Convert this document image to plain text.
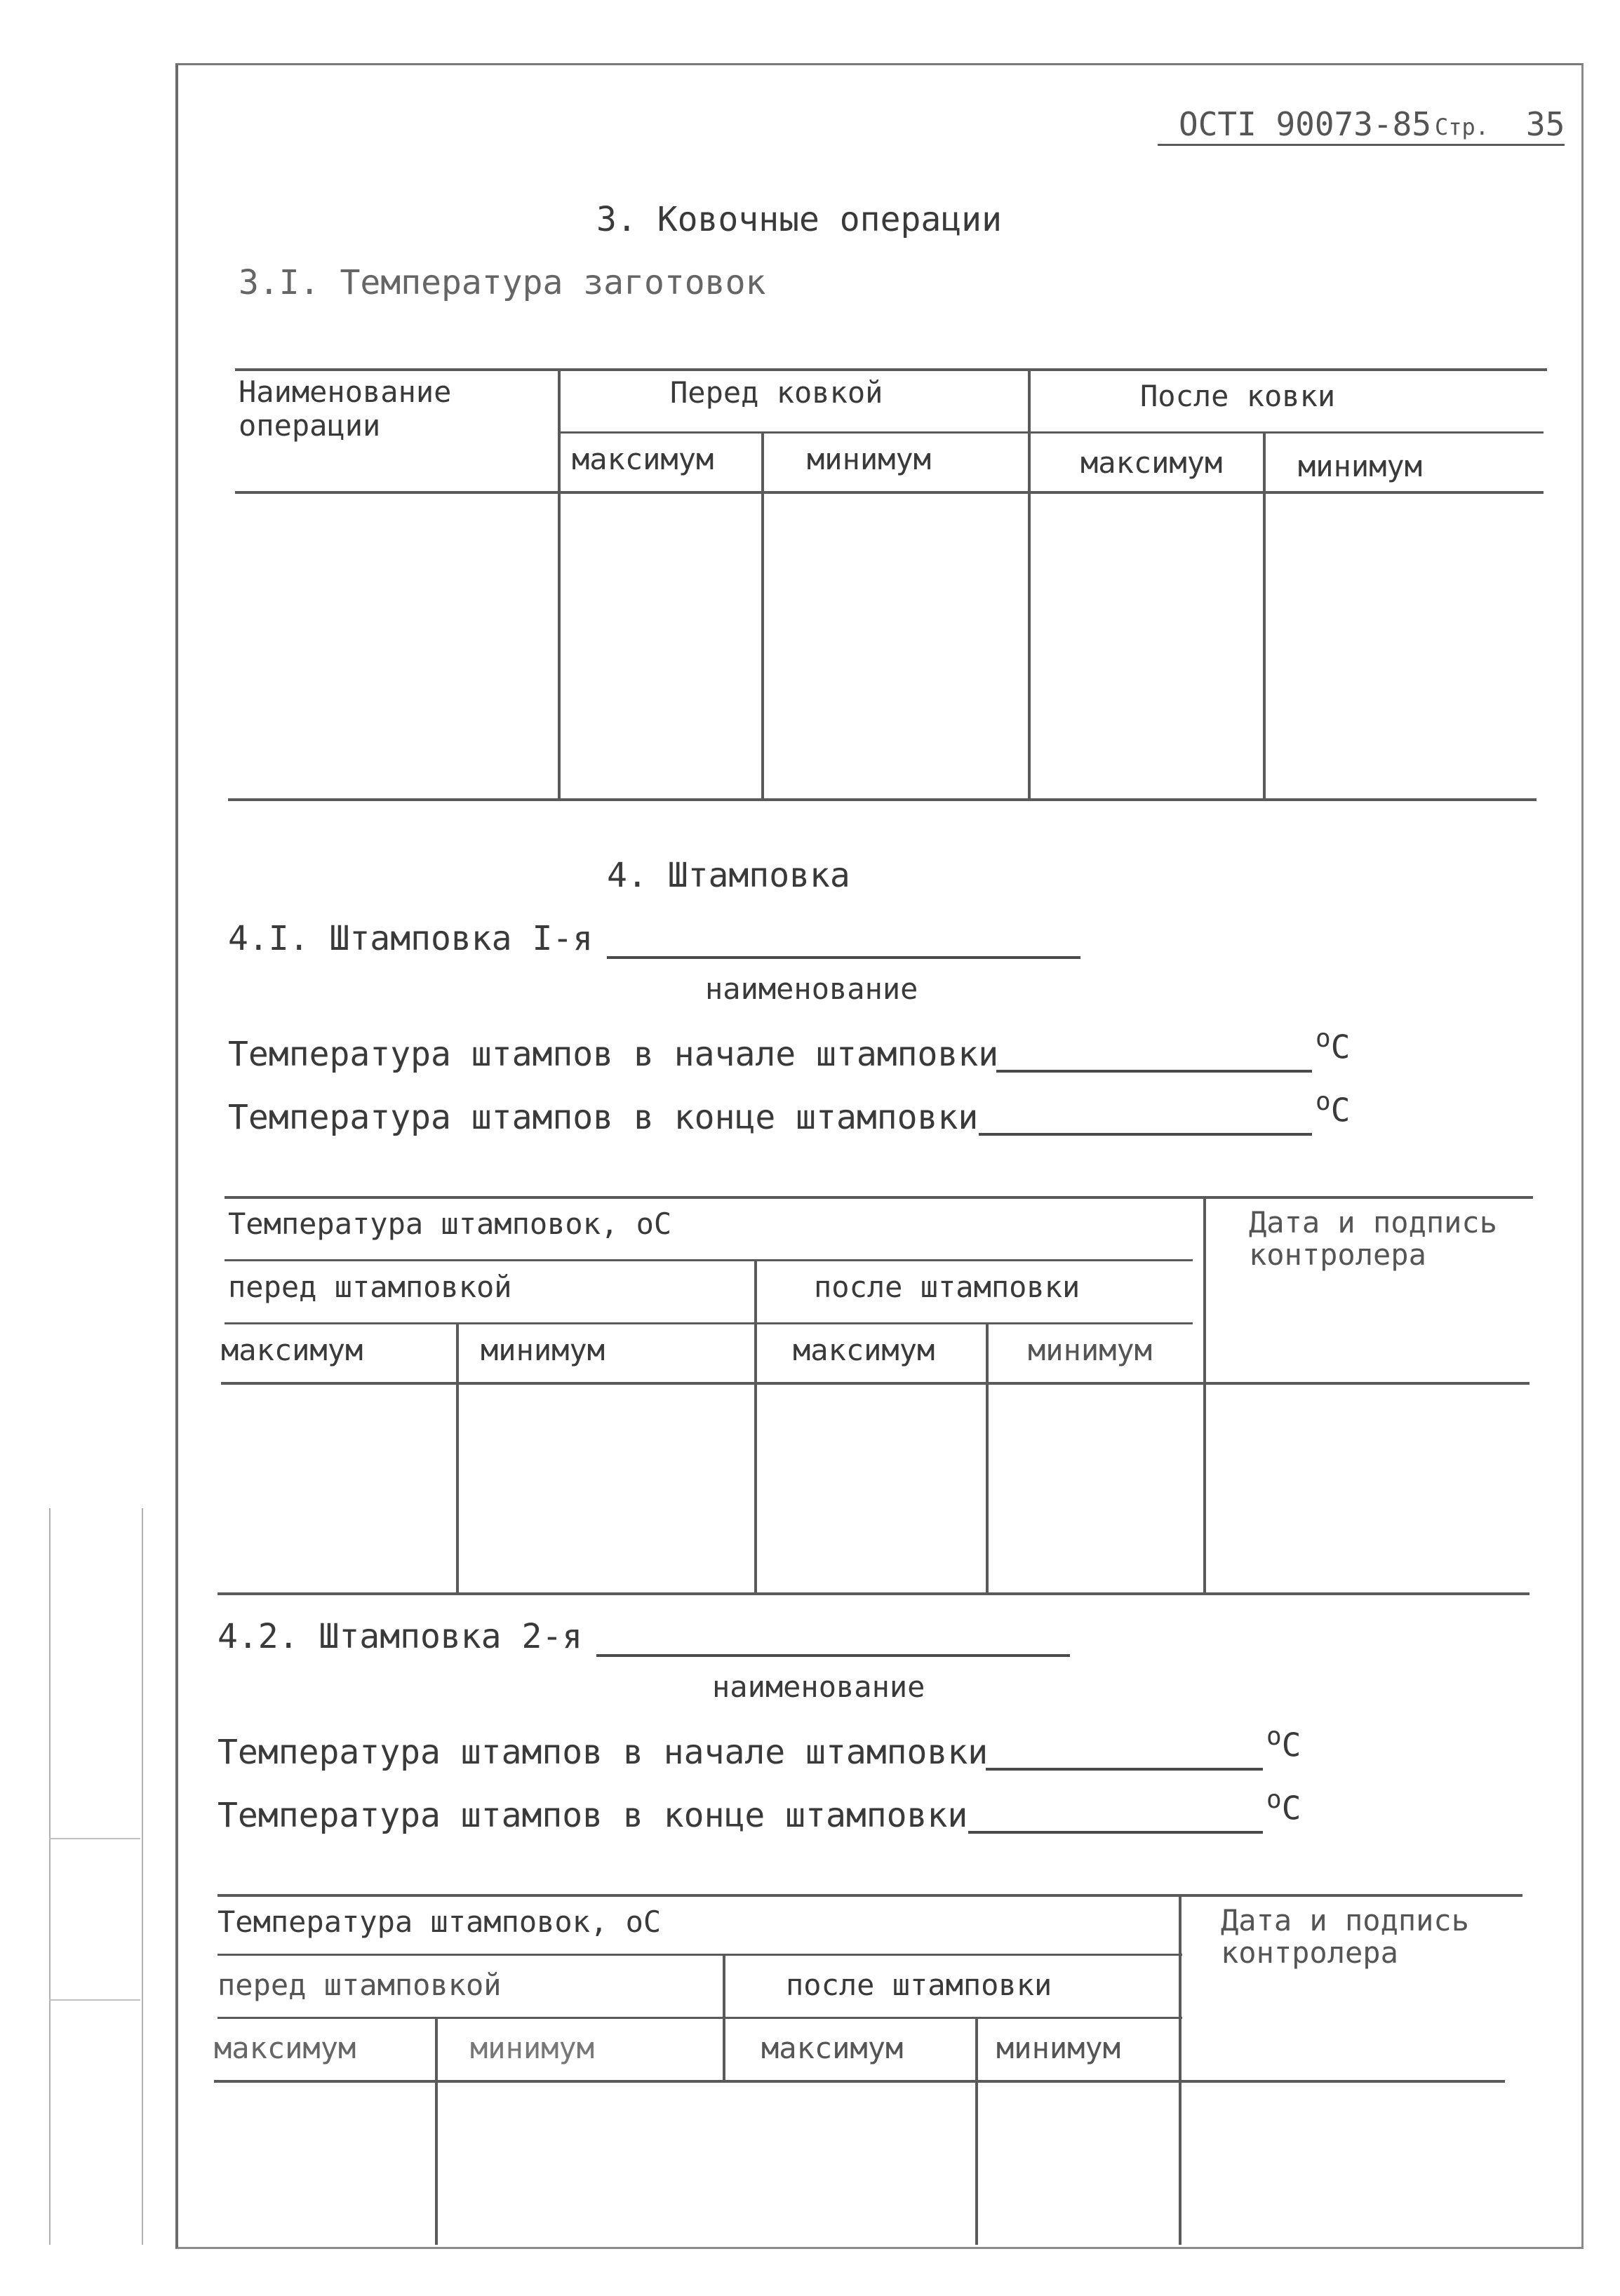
ОСТI 90073-85 Стр. 35
3. Ковочные операции
3.I. Температура заготовок
Наименование операции
Перед ковкой	После ковки
максимум	минимум	максимум	минимум
4. Штамповка
4.I. Штамповка I-я
наименование
Температура штампов в начале штамповки	$^о$С
Температура штампов в конце штамповки	$^о$С
Температура штамповок, оС
перед штамповкой	после штамповки
максимум	минимум	максимум	минимум
Дата и подпись контролера
4.2. Штамповка 2-я
наименование
Температура штампов в начале штамповки	$^о$С
Температура штампов в конце штамповки	$^о$С
Температура штамповок, оС
перед штамповкой	после штамповки
максимум	минимум	максимум	минимум
Дата и подпись контролера
